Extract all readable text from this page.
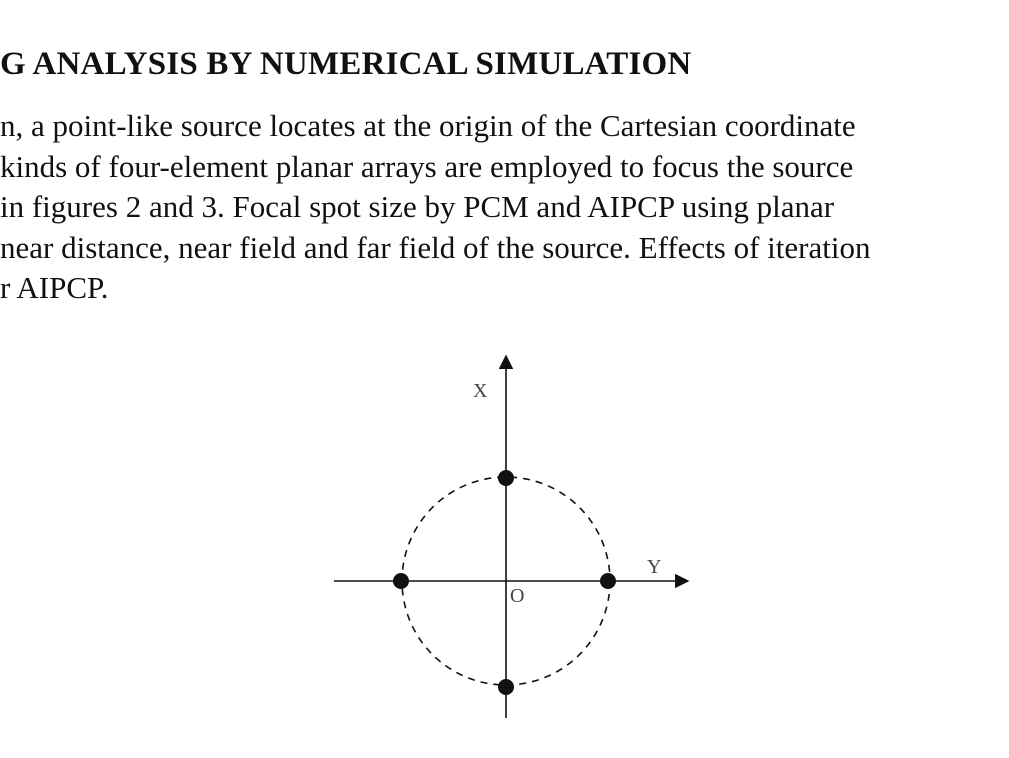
G ANALYSIS BY NUMERICAL SIMULATION
n, a point-like source locates at the origin of the Cartesian coordinate
kinds of four-element planar arrays are employed to focus the source
in figures 2 and 3. Focal spot size by PCM and AIPCP using planar
near distance, near field and far field of the source. Effects of iteration
r AIPCP.
X
Y
O
